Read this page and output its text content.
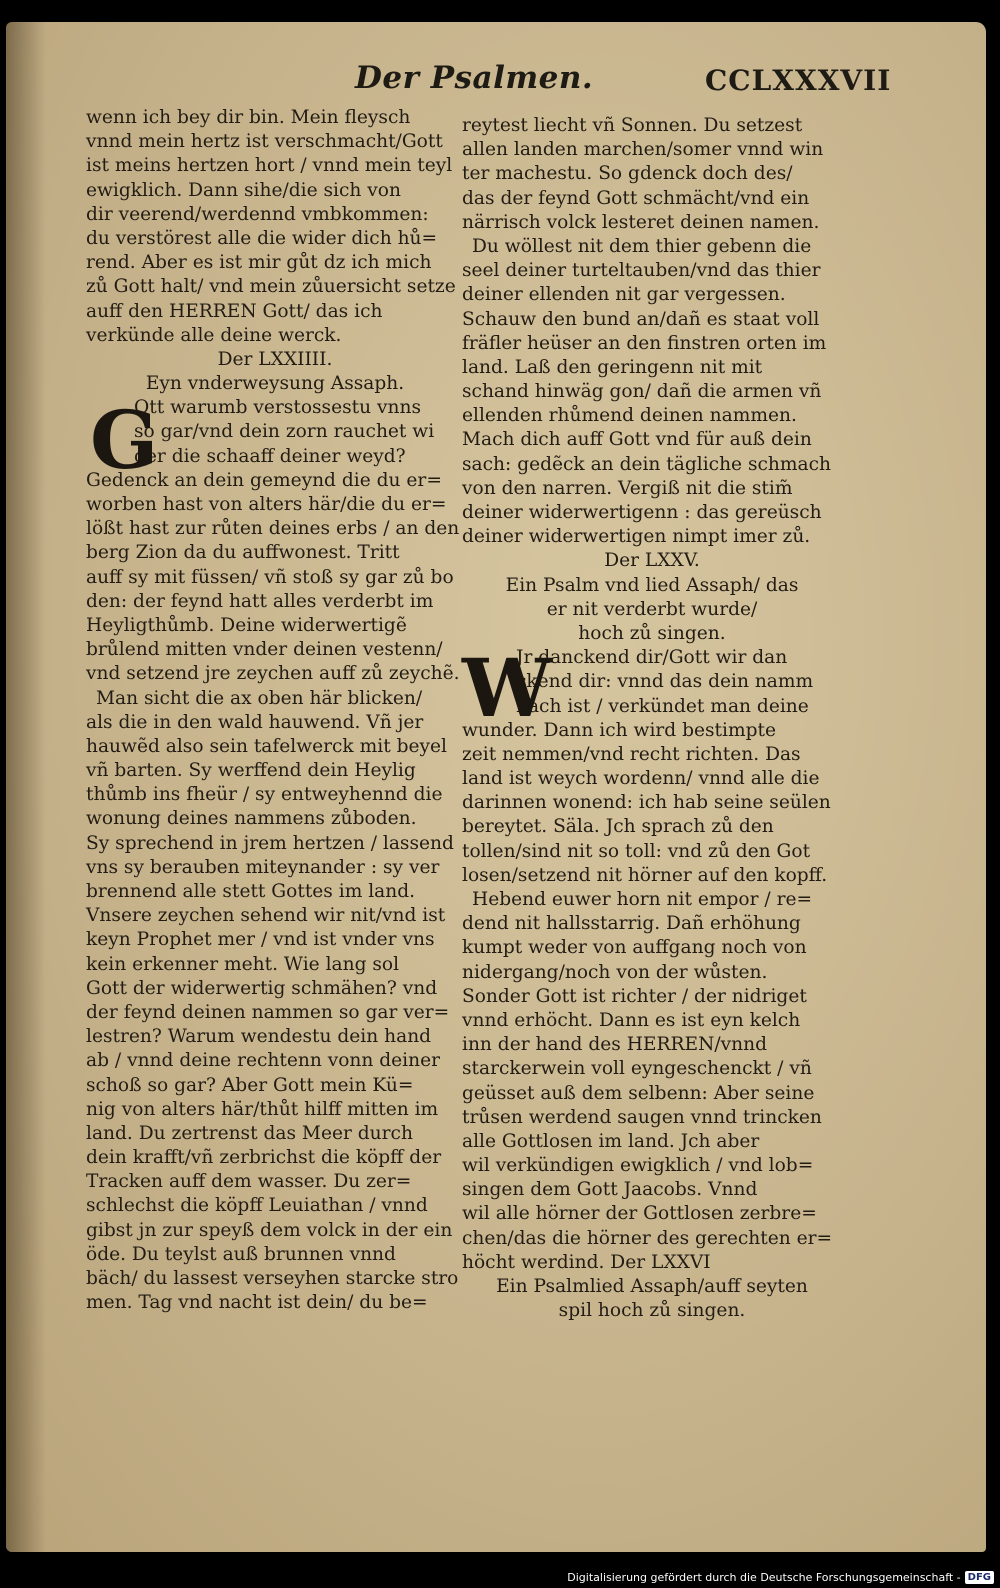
Der Psalmen.	CCLXXXVII
wenn ich bey dir bin. Mein fleysch
vnnd mein hertz ist verschmacht/Gott
ist meins hertzen hort / vnnd mein teyl
ewigklich. Dann sihe/die sich von
dir veerend/werdennd vmbkommen:
du verstörest alle die wider dich hů=
rend. Aber es ist mir gůt dz ich mich
zů Gott halt/ vnd mein zůuersicht setze
auff den HERREN Gott/ das ich
verkünde alle deine werck.
Der LXXIIII.
Eyn vnderweysung Assaph.
G
Ott warumb verstossestu vnns
so gar/vnd dein zorn rauchet wi
der die schaaff deiner weyd?
Gedenck an dein gemeynd die du er=
worben hast von alters här/die du er=
lößt hast zur růten deines erbs / an den
berg Zion da du auffwonest. Tritt
auff sy mit füssen/ vñ stoß sy gar zů bo
den: der feynd hatt alles verderbt im
Heyligthůmb. Deine widerwertigẽ
brůlend mitten vnder deinen vestenn/
vnd setzend jre zeychen auff zů zeychẽ.
Man sicht die ax oben här blicken/
als die in den wald hauwend. Vñ jer
hauwẽd also sein tafelwerck mit beyel
vñ barten. Sy werffend dein Heylig
thůmb ins fheür / sy entweyhennd die
wonung deines nammens zůboden.
Sy sprechend in jrem hertzen / lassend
vns sy berauben miteynander : sy ver
brennend alle stett Gottes im land.
Vnsere zeychen sehend wir nit/vnd ist
keyn Prophet mer / vnd ist vnder vns
kein erkenner meht. Wie lang sol
Gott der widerwertig schmähen? vnd
der feynd deinen nammen so gar ver=
lestren? Warum wendestu dein hand
ab / vnnd deine rechtenn vonn deiner
schoß so gar? Aber Gott mein Kü=
nig von alters här/thůt hilff mitten im
land. Du zertrenst das Meer durch
dein krafft/vñ zerbrichst die köpff der
Tracken auff dem wasser. Du zer=
schlechst die köpff Leuiathan / vnnd
gibst jn zur speyß dem volck in der ein
öde. Du teylst auß brunnen vnnd
bäch/ du lassest verseyhen starcke stro
men. Tag vnd nacht ist dein/ du be=
reytest liecht vñ Sonnen. Du setzest
allen landen marchen/somer vnnd win
ter machestu. So gdenck doch des/
das der feynd Gott schmächt/vnd ein
närrisch volck lesteret deinen namen.
Du wöllest nit dem thier gebenn die
seel deiner turteltauben/vnd das thier
deiner ellenden nit gar vergessen.
Schauw den bund an/dañ es staat voll
fräfler heüser an den finstren orten im
land. Laß den geringenn nit mit
schand hinwäg gon/ dañ die armen vñ
ellenden rhůmend deinen nammen.
Mach dich auff Gott vnd für auß dein
sach: gedẽck an dein tägliche schmach
von den narren. Vergiß nit die stim̃
deiner widerwertigenn : das gereüsch
deiner widerwertigen nimpt imer zů.
Der LXXV.
Ein Psalm vnd lied Assaph/ das
er nit verderbt wurde/
hoch zů singen.
W
Jr danckend dir/Gott wir dan
ckend dir: vnnd das dein namm
nach ist / verkündet man deine
wunder. Dann ich wird bestimpte
zeit nemmen/vnd recht richten. Das
land ist weych wordenn/ vnnd alle die
darinnen wonend: ich hab seine seülen
bereytet. Säla. Jch sprach zů den
tollen/sind nit so toll: vnd zů den Got
losen/setzend nit hörner auf den kopff.
Hebend euwer horn nit empor / re=
dend nit hallsstarrig. Dañ erhöhung
kumpt weder von auffgang noch von
nidergang/noch von der wůsten.
Sonder Gott ist richter / der nidriget
vnnd erhöcht. Dann es ist eyn kelch
inn der hand des HERREN/vnnd
starckerwein voll eyngeschenckt / vñ
geüsset auß dem selbenn: Aber seine
trůsen werdend saugen vnnd trincken
alle Gottlosen im land. Jch aber
wil verkündigen ewigklich / vnd lob=
singen dem Gott Jaacobs. Vnnd
wil alle hörner der Gottlosen zerbre=
chen/das die hörner des gerechten er=
höcht werdind. Der LXXVI
Ein Psalmlied Assaph/auff seyten
spil hoch zů singen.
Digitalisierung gefördert durch die Deutsche Forschungsgemeinschaft - DFG
